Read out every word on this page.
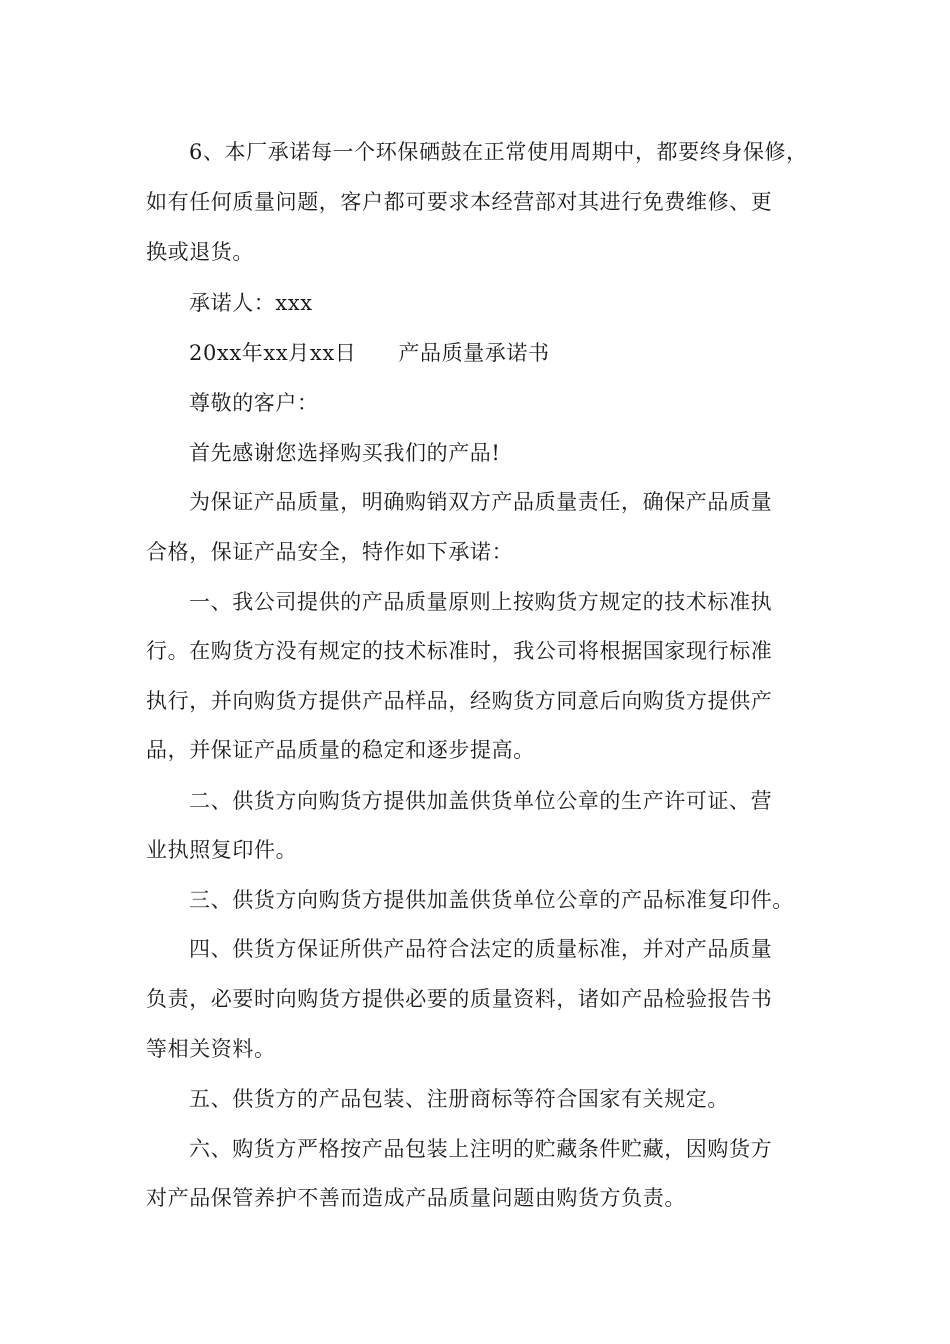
6、本厂承诺每一个环保硒鼓在正常使用周期中，都要终身保修，
如有任何质量问题，客户都可要求本经营部对其进行免费维修、更
换或退货。
承诺人：xxx
20xx年xx月xx日 产品质量承诺书
尊敬的客户：
首先感谢您选择购买我们的产品!
为保证产品质量，明确购销双方产品质量责任，确保产品质量
合格，保证产品安全，特作如下承诺：
一、我公司提供的产品质量原则上按购货方规定的技术标准执
行。在购货方没有规定的技术标准时，我公司将根据国家现行标准
执行，并向购货方提供产品样品，经购货方同意后向购货方提供产
品，并保证产品质量的稳定和逐步提高。
二、供货方向购货方提供加盖供货单位公章的生产许可证、营
业执照复印件。
三、供货方向购货方提供加盖供货单位公章的产品标准复印件。
四、供货方保证所供产品符合法定的质量标准，并对产品质量
负责，必要时向购货方提供必要的质量资料，诸如产品检验报告书
等相关资料。
五、供货方的产品包装、注册商标等符合国家有关规定。
六、购货方严格按产品包装上注明的贮藏条件贮藏，因购货方
对产品保管养护不善而造成产品质量问题由购货方负责。
